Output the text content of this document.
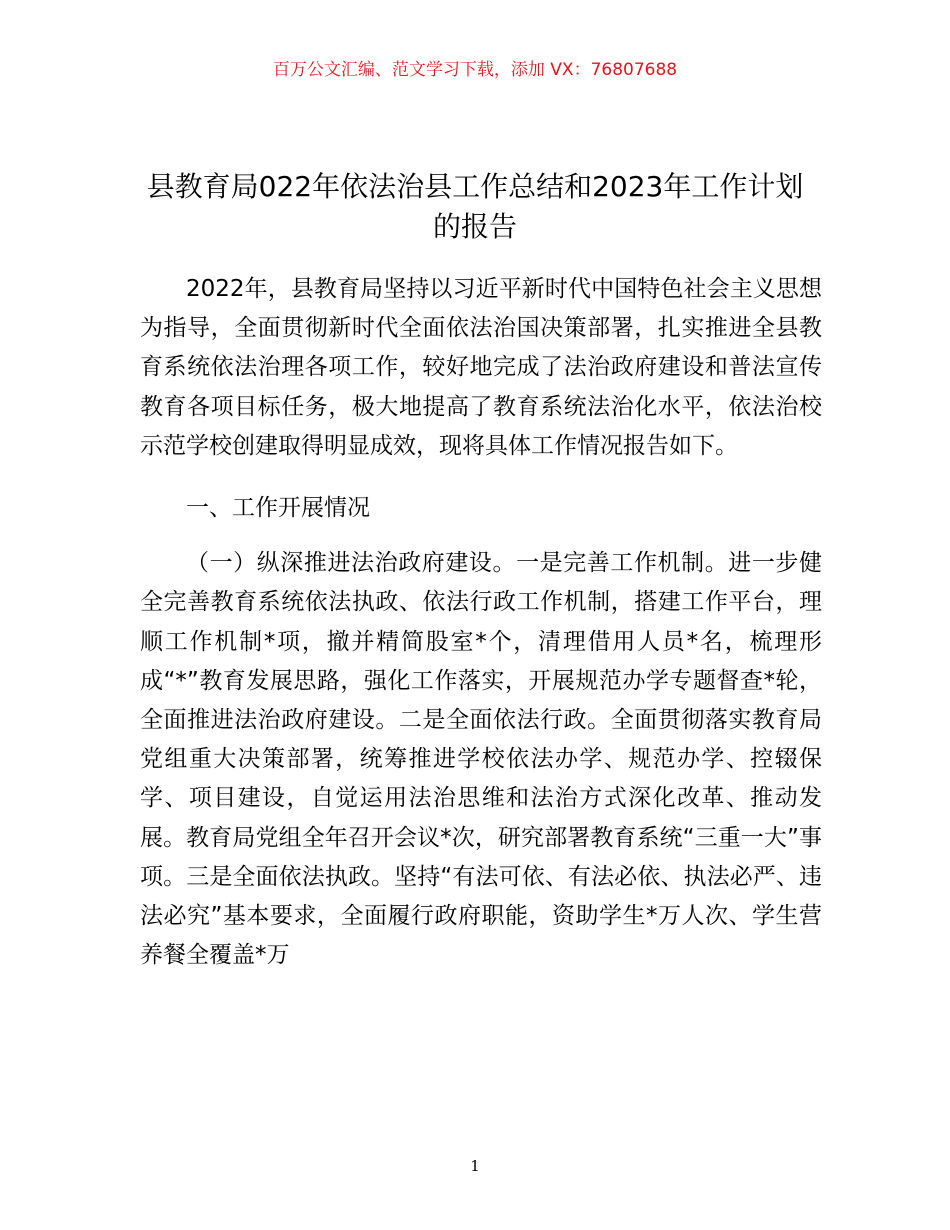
百万公文汇编、范文学习下载，添加 VX：76807688
县教育局022年依法治县工作总结和2023年工作计划的报告

2022年，县教育局坚持以习近平新时代中国特色社会主义思想为指导，全面贯彻新时代全面依法治国决策部署，扎实推进全县教育系统依法治理各项工作，较好地完成了法治政府建设和普法宣传教育各项目标任务，极大地提高了教育系统法治化水平，依法治校示范学校创建取得明显成效，现将具体工作情况报告如下。

一、工作开展情况

（一）纵深推进法治政府建设。一是完善工作机制。进一步健全完善教育系统依法执政、依法行政工作机制，搭建工作平台，理顺工作机制*项，撤并精简股室*个，清理借用人员*名，梳理形成“*”教育发展思路，强化工作落实，开展规范办学专题督查*轮，全面推进法治政府建设。二是全面依法行政。全面贯彻落实教育局党组重大决策部署，统筹推进学校依法办学、规范办学、控辍保学、项目建设，自觉运用法治思维和法治方式深化改革、推动发展。教育局党组全年召开会议*次，研究部署教育系统“三重一大”事项。三是全面依法执政。坚持“有法可依、有法必依、执法必严、违法必究”基本要求，全面履行政府职能，资助学生*万人次、学生营养餐全覆盖*万

1
